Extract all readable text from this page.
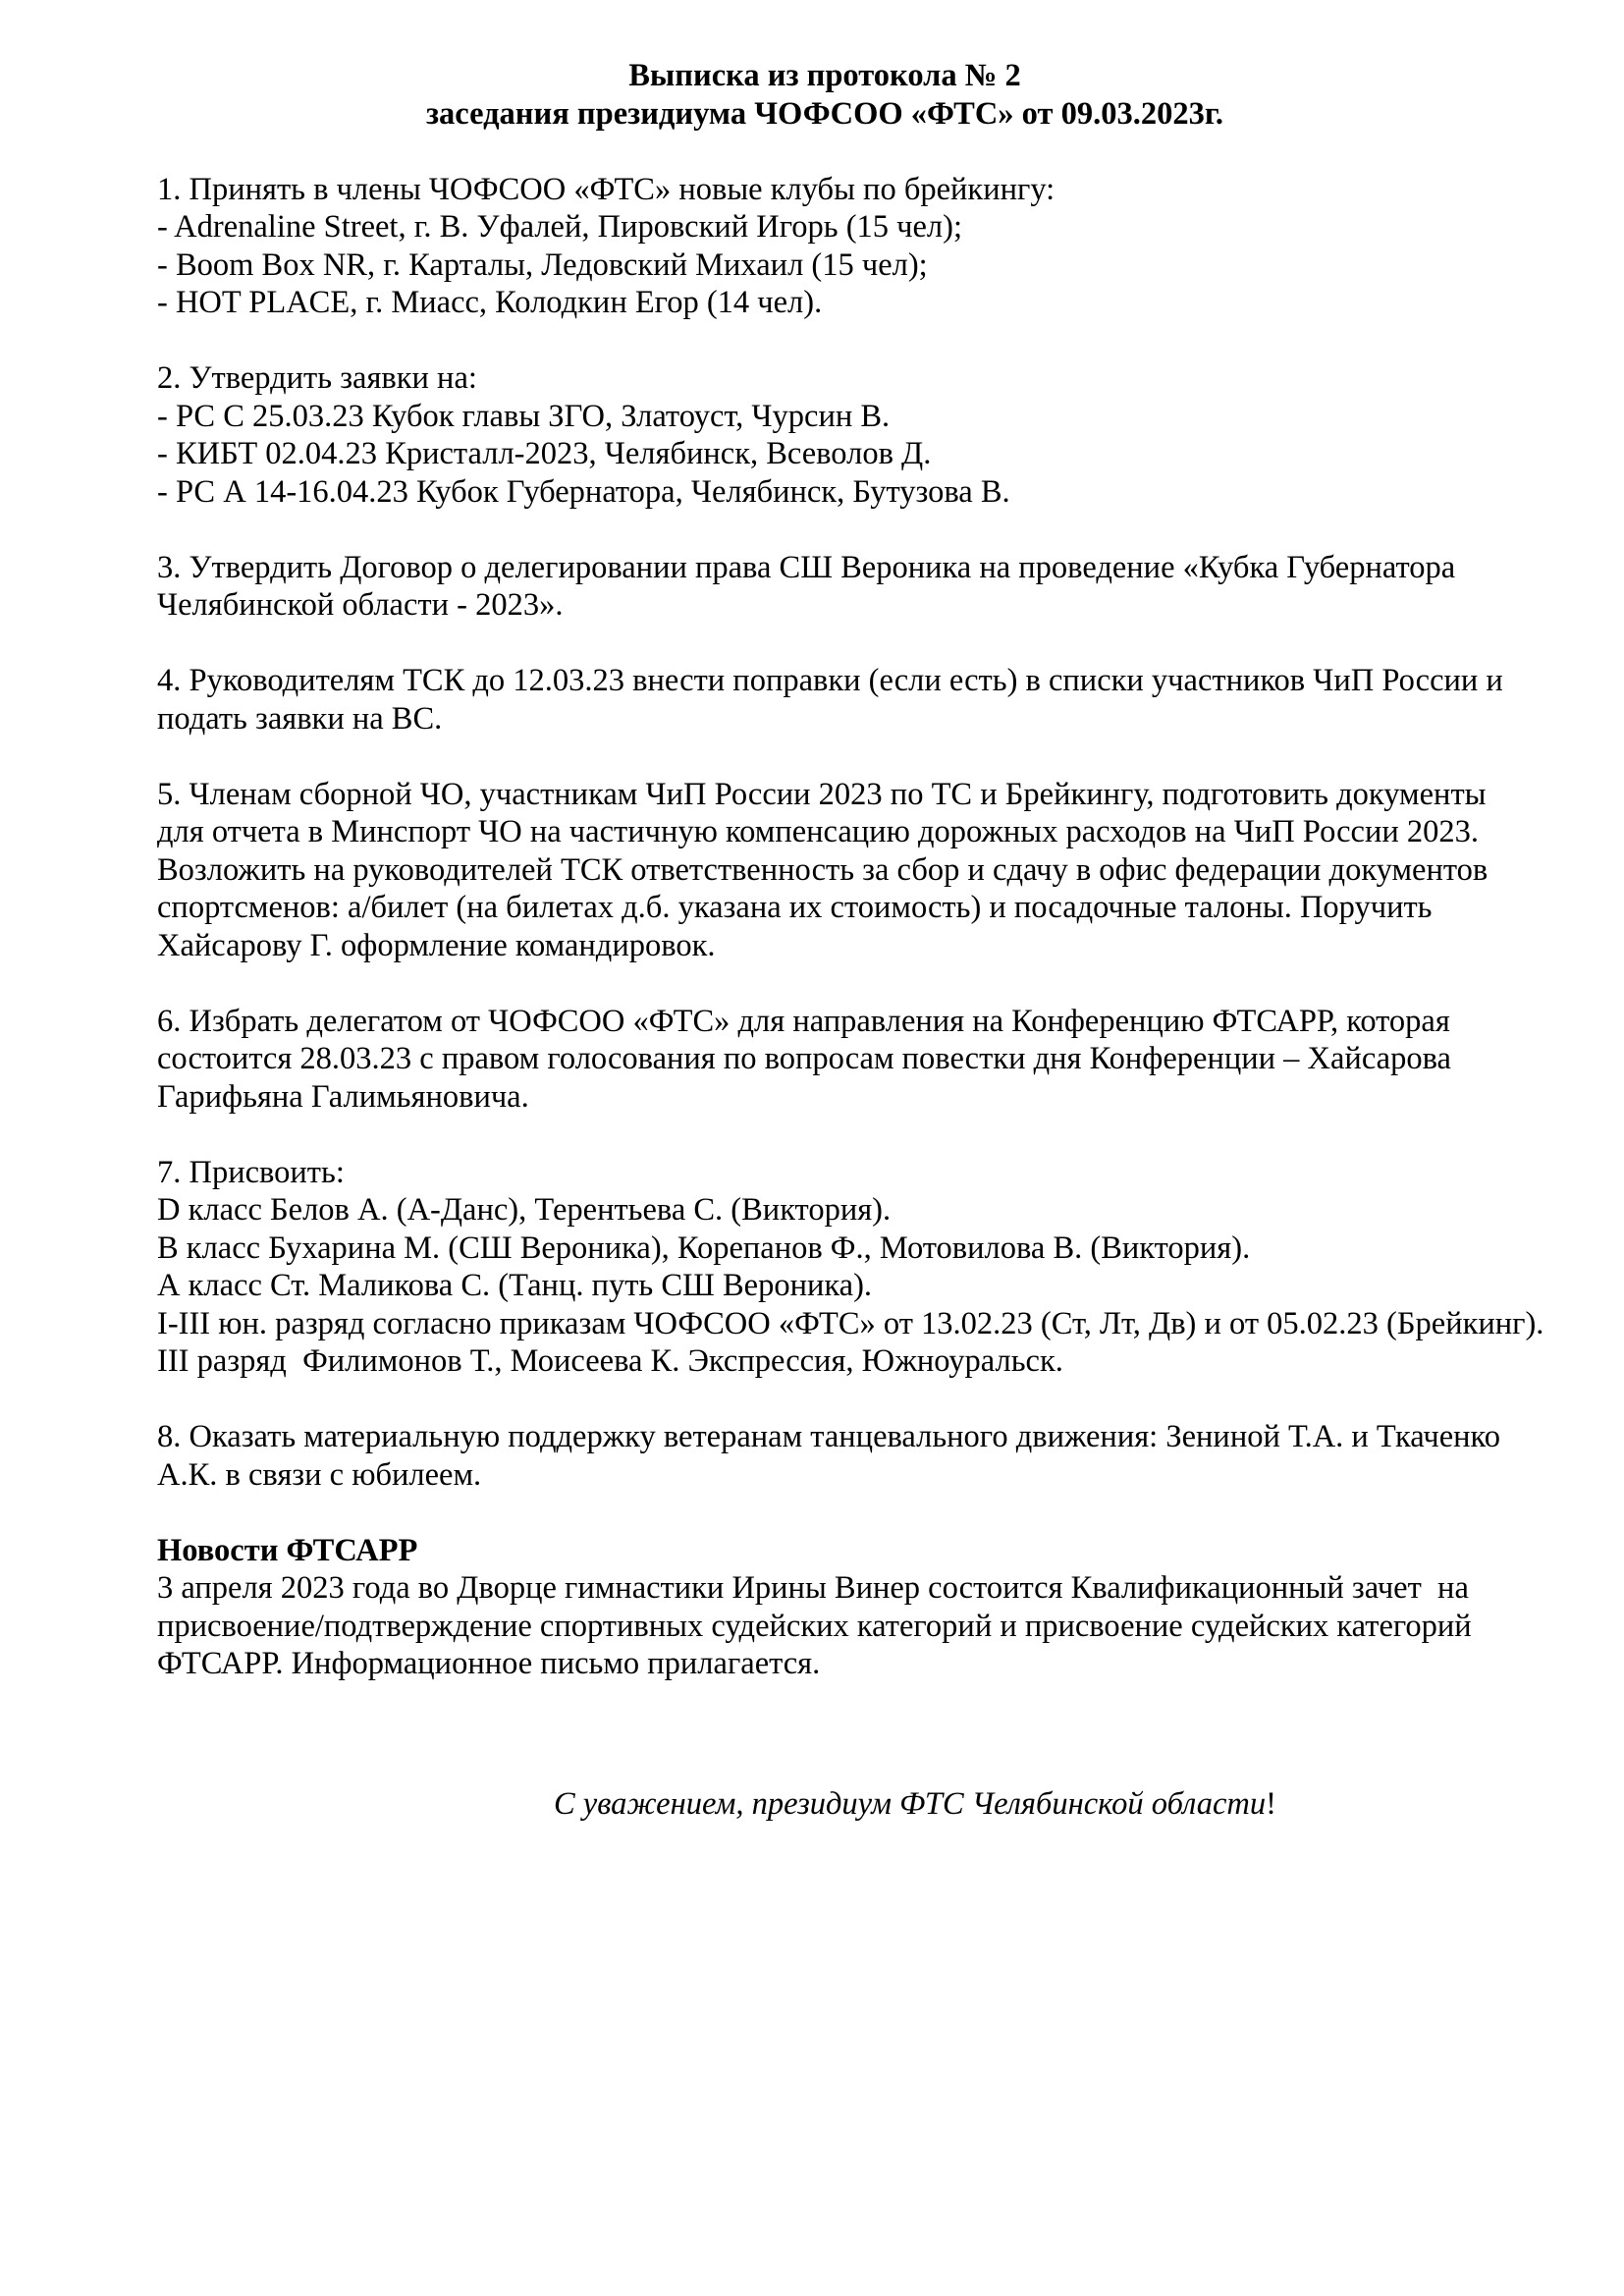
Выписка из протокола № 2
заседания президиума ЧОФСОО «ФТС» от 09.03.2023г.
1. Принять в члены ЧОФСОО «ФТС» новые клубы по брейкингу:
- Adrenaline Street, г. В. Уфалей, Пировский Игорь (15 чел);
- Boom Box NR, г. Карталы, Ледовский Михаил (15 чел);
- HOT PLACE, г. Миасс, Колодкин Егор (14 чел).
2. Утвердить заявки на:
- РС С 25.03.23 Кубок главы ЗГО, Златоуст, Чурсин В.
- КИБТ 02.04.23 Кристалл-2023, Челябинск, Всеволов Д.
- РС А 14-16.04.23 Кубок Губернатора, Челябинск, Бутузова В.
3. Утвердить Договор о делегировании права СШ Вероника на проведение «Кубка Губернатора
Челябинской области - 2023».
4. Руководителям ТСК до 12.03.23 внести поправки (если есть) в списки участников ЧиП России и
подать заявки на ВС.
5. Членам сборной ЧО, участникам ЧиП России 2023 по ТС и Брейкингу, подготовить документы
для отчета в Минспорт ЧО на частичную компенсацию дорожных расходов на ЧиП России 2023.
Возложить на руководителей ТСК ответственность за сбор и сдачу в офис федерации документов
спортсменов: а/билет (на билетах д.б. указана их стоимость) и посадочные талоны. Поручить
Хайсарову Г. оформление командировок.
6. Избрать делегатом от ЧОФСОО «ФТС» для направления на Конференцию ФТСАРР, которая
состоится 28.03.23 с правом голосования по вопросам повестки дня Конференции – Хайсарова
Гарифьяна Галимьяновича.
7. Присвоить:
D класс Белов А. (А-Данс), Терентьева С. (Виктория).
В класс Бухарина М. (СШ Вероника), Корепанов Ф., Мотовилова В. (Виктория).
А класс Ст. Маликова С. (Танц. путь СШ Вероника).
I-III юн. разряд согласно приказам ЧОФСОО «ФТС» от 13.02.23 (Ст, Лт, Дв) и от 05.02.23 (Брейкинг).
III разряд  Филимонов Т., Моисеева К. Экспрессия, Южноуральск.
8. Оказать материальную поддержку ветеранам танцевального движения: Зениной Т.А. и Ткаченко
А.К. в связи с юбилеем.
Новости ФТСАРР
3 апреля 2023 года во Дворце гимнастики Ирины Винер состоится Квалификационный зачет  на
присвоение/подтверждение спортивных судейских категорий и присвоение судейских категорий
ФТСАРР. Информационное письмо прилагается.
С уважением, президиум ФТС Челябинской области!
